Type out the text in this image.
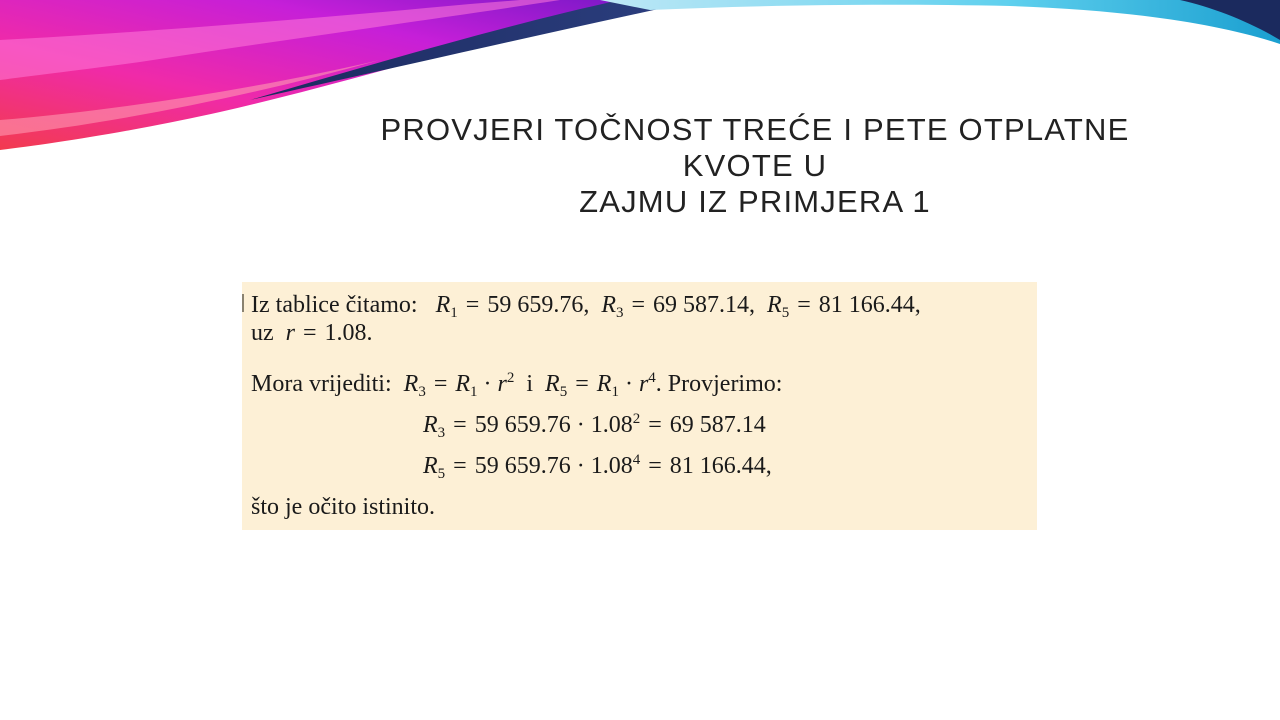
PROVJERI TOČNOST TREĆE I PETE OTPLATNE KVOTE U
ZAJMU IZ PRIMJERA 1
Iz tablice čitamo: $R_1 = 59$ 659.76,  $R_3 = 69$ 587.14,  $R_5 = 81$ 166.44,
uz r = 1.08.
Mora vrijediti: $R_3 = R_1 \cdot r^2$ i $R_5 = R_1 \cdot r^4$. Provjerimo:
$R_3 = 59$ $659.76 \cdot 1.08^2 = 69$ 587.14
$R_5 = 59$ $659.76 \cdot 1.08^4 = 81$ 166.44,
što je očito istinito.
